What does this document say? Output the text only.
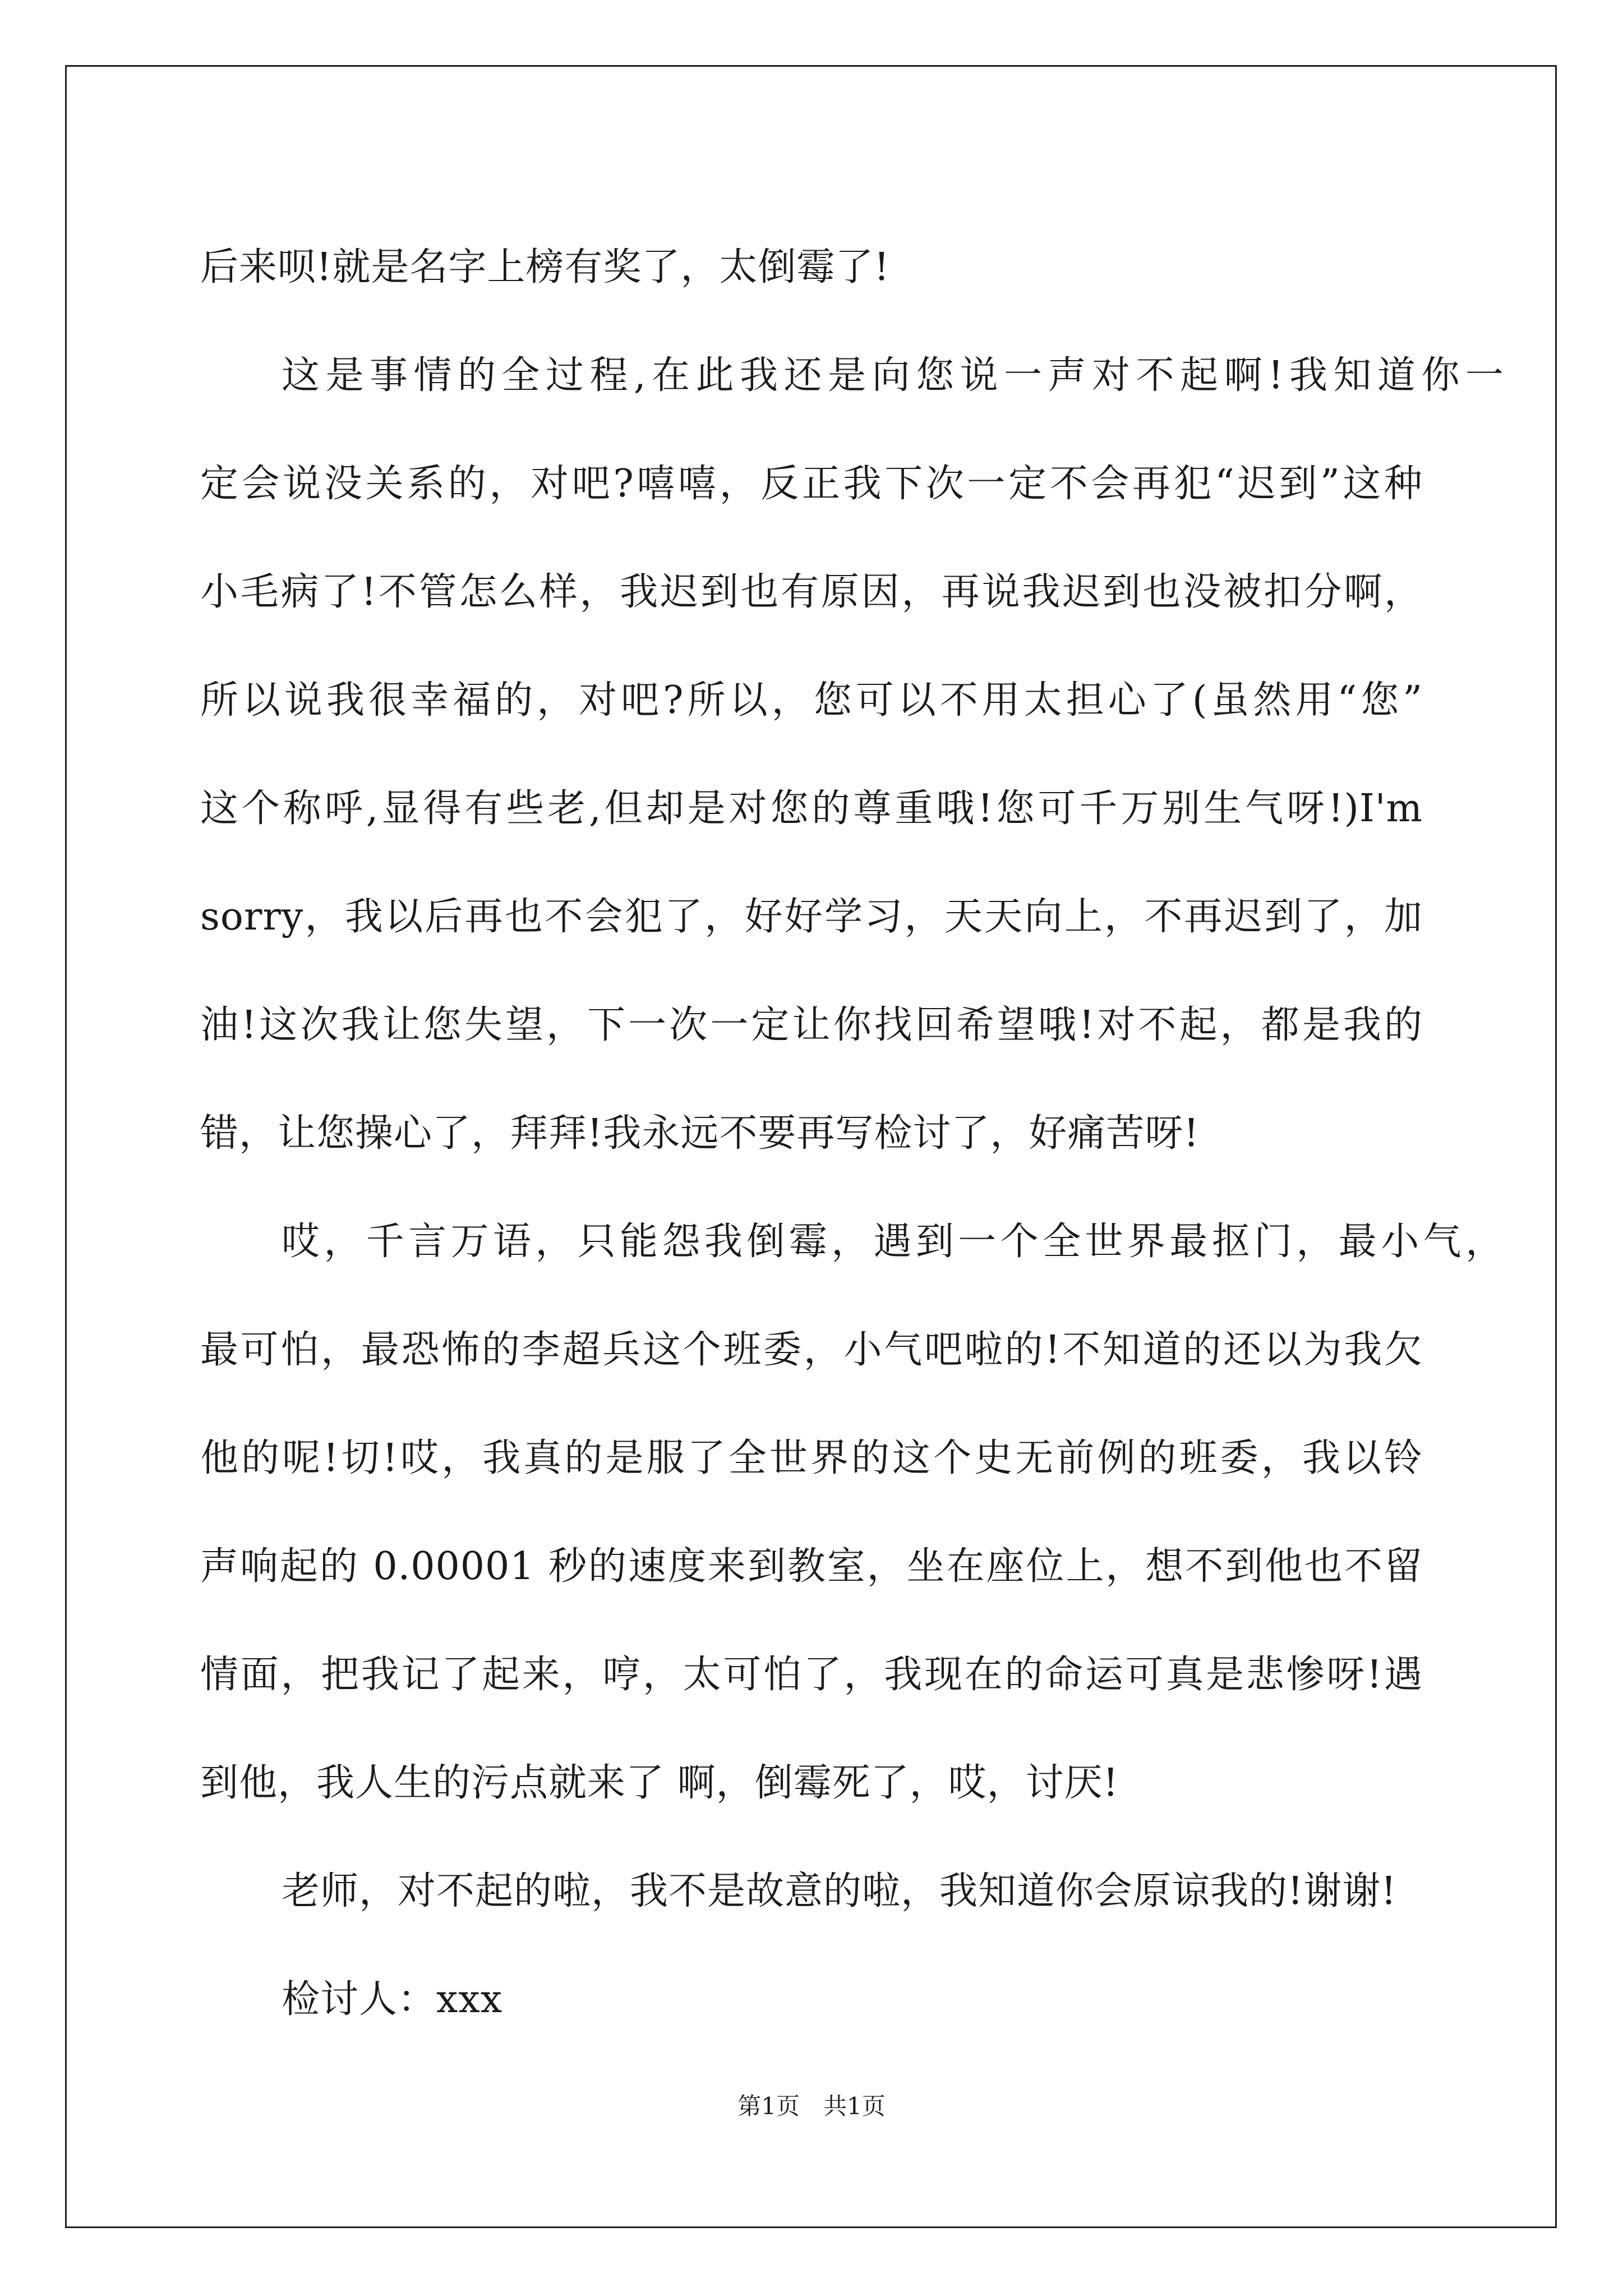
后来呗!就是名字上榜有奖了，太倒霉了!
这是事情的全过程,在此我还是向您说一声对不起啊!我知道你一
定会说没关系的，对吧?嘻嘻，反正我下次一定不会再犯“迟到”这种
小毛病了!不管怎么样，我迟到也有原因，再说我迟到也没被扣分啊，
所以说我很幸福的，对吧?所以，您可以不用太担心了(虽然用“您”
这个称呼,显得有些老,但却是对您的尊重哦!您可千万别生气呀!)I'm
sorry，我以后再也不会犯了，好好学习，天天向上，不再迟到了，加
油!这次我让您失望，下一次一定让你找回希望哦!对不起，都是我的
错，让您操心了，拜拜!我永远不要再写检讨了，好痛苦呀!
哎，千言万语，只能怨我倒霉，遇到一个全世界最抠门，最小气，
最可怕，最恐怖的李超兵这个班委，小气吧啦的!不知道的还以为我欠
他的呢!切!哎，我真的是服了全世界的这个史无前例的班委，我以铃
声响起的 0.00001 秒的速度来到教室，坐在座位上，想不到他也不留
情面，把我记了起来，哼，太可怕了，我现在的命运可真是悲惨呀!遇
到他，我人生的污点就来了 啊，倒霉死了，哎，讨厌!
老师，对不起的啦，我不是故意的啦，我知道你会原谅我的!谢谢!
检讨人：xxx
第1页　共1页
